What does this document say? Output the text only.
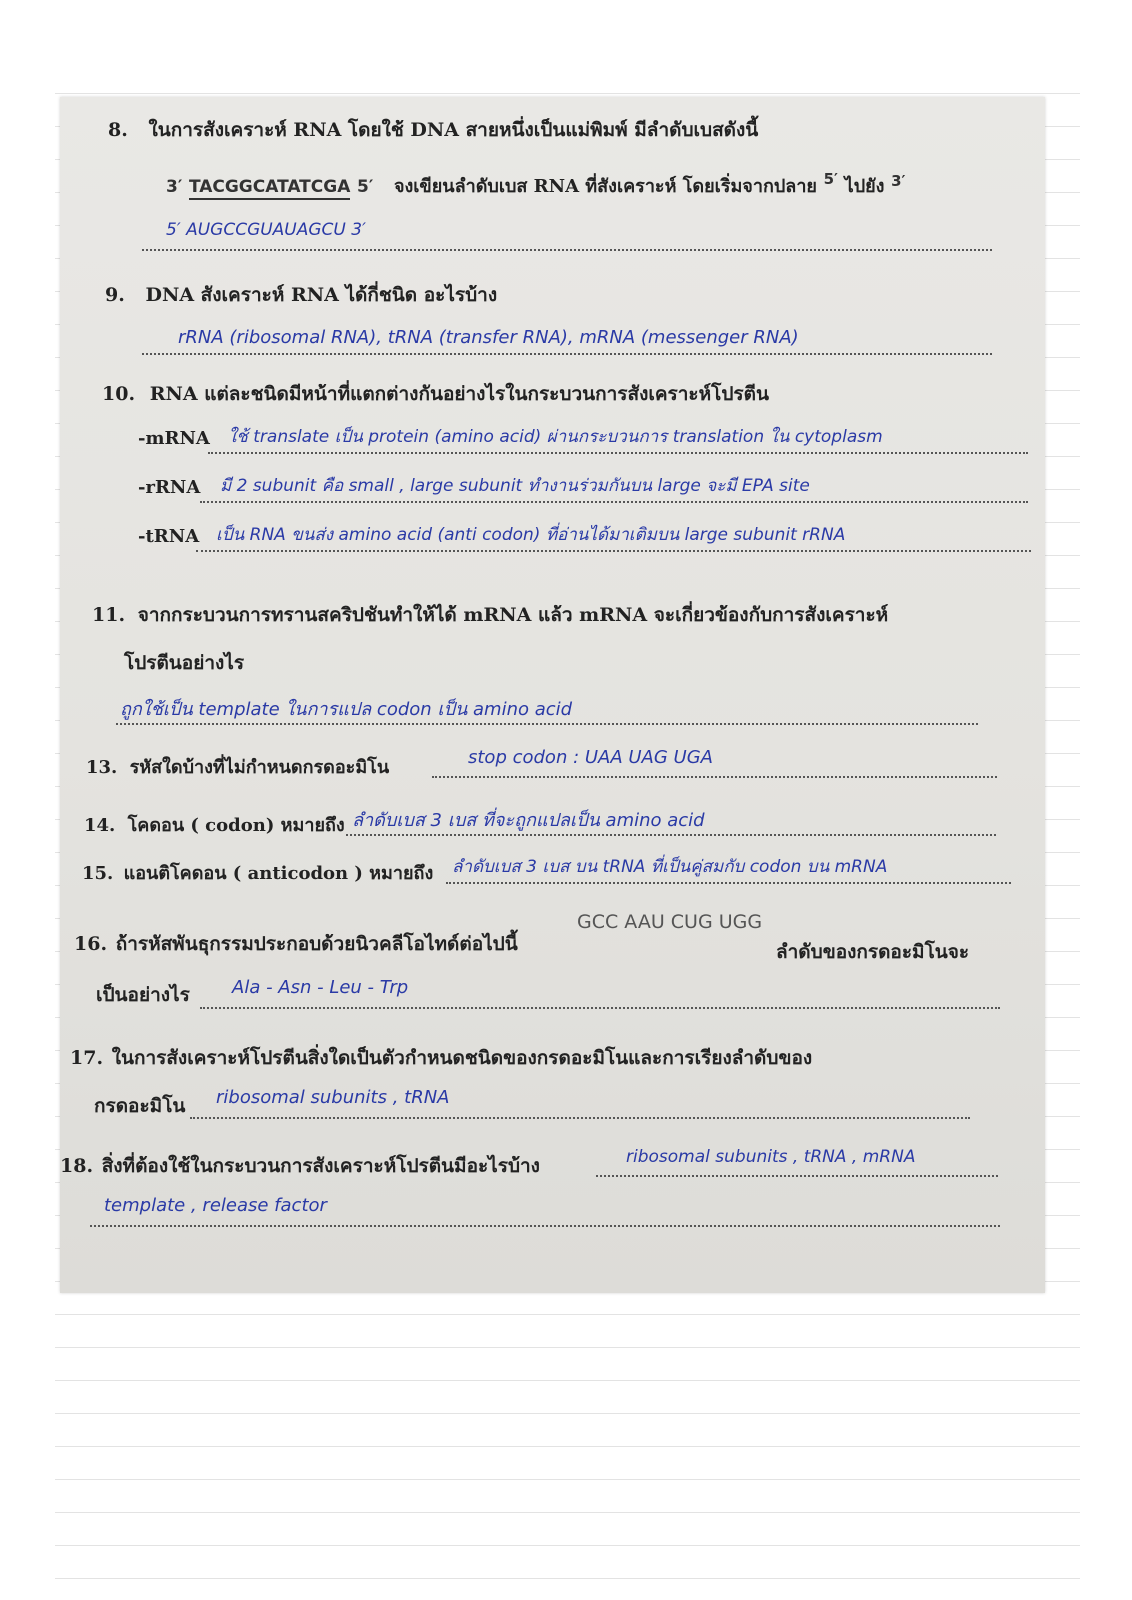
8. ในการสังเคราะห์ RNA โดยใช้ DNA สายหนึ่งเป็นแม่พิมพ์ มีลำดับเบสดังนี้
3′ TACGGCATATCGA 5′ จงเขียนลำดับเบส RNA ที่สังเคราะห์ โดยเริ่มจากปลาย $^{5'}$ ไปยัง $^{3'}$
5′ AUGCCGUAUAGCU 3′
9. DNA สังเคราะห์ RNA ได้กี่ชนิด อะไรบ้าง
rRNA (ribosomal RNA), tRNA (transfer RNA), mRNA (messenger RNA)
10. RNA แต่ละชนิดมีหน้าที่แตกต่างกันอย่างไรในกระบวนการสังเคราะห์โปรตีน
-mRNA ใช้ translate เป็น protein (amino acid) ผ่านกระบวนการ translation ใน cytoplasm
-rRNA มี 2 subunit คือ small , large subunit ทำงานร่วมกันบน large จะมี EPA site
-tRNA เป็น RNA ขนส่ง amino acid (anti codon) ที่อ่านได้มาเติมบน large subunit rRNA
11. จากกระบวนการทรานสคริปชันทำให้ได้ mRNA แล้ว mRNA จะเกี่ยวข้องกับการสังเคราะห์
โปรตีนอย่างไร
ถูกใช้เป็น template ในการแปล codon เป็น amino acid
13. รหัสใดบ้างที่ไม่กำหนดกรดอะมิโน	stop codon : UAA UAG UGA
14. โคดอน ( codon) หมายถึง ลำดับเบส 3 เบส ที่จะถูกแปลเป็น amino acid
15. แอนติโคดอน ( anticodon ) หมายถึง ลำดับเบส 3 เบส บน tRNA ที่เป็นคู่สมกับ codon บน mRNA
GCC AAU CUG UGG
16. ถ้ารหัสพันธุกรรมประกอบด้วยนิวคลีโอไทด์ต่อไปนี้	ลำดับของกรดอะมิโนจะ
เป็นอย่างไร Ala - Asn - Leu - Trp
17. ในการสังเคราะห์โปรตีนสิ่งใดเป็นตัวกำหนดชนิดของกรดอะมิโนและการเรียงลำดับของ
กรดอะมิโน ribosomal subunits , tRNA
18. สิ่งที่ต้องใช้ในกระบวนการสังเคราะห์โปรตีนมีอะไรบ้าง	ribosomal subunits , tRNA , mRNA
template , release factor
